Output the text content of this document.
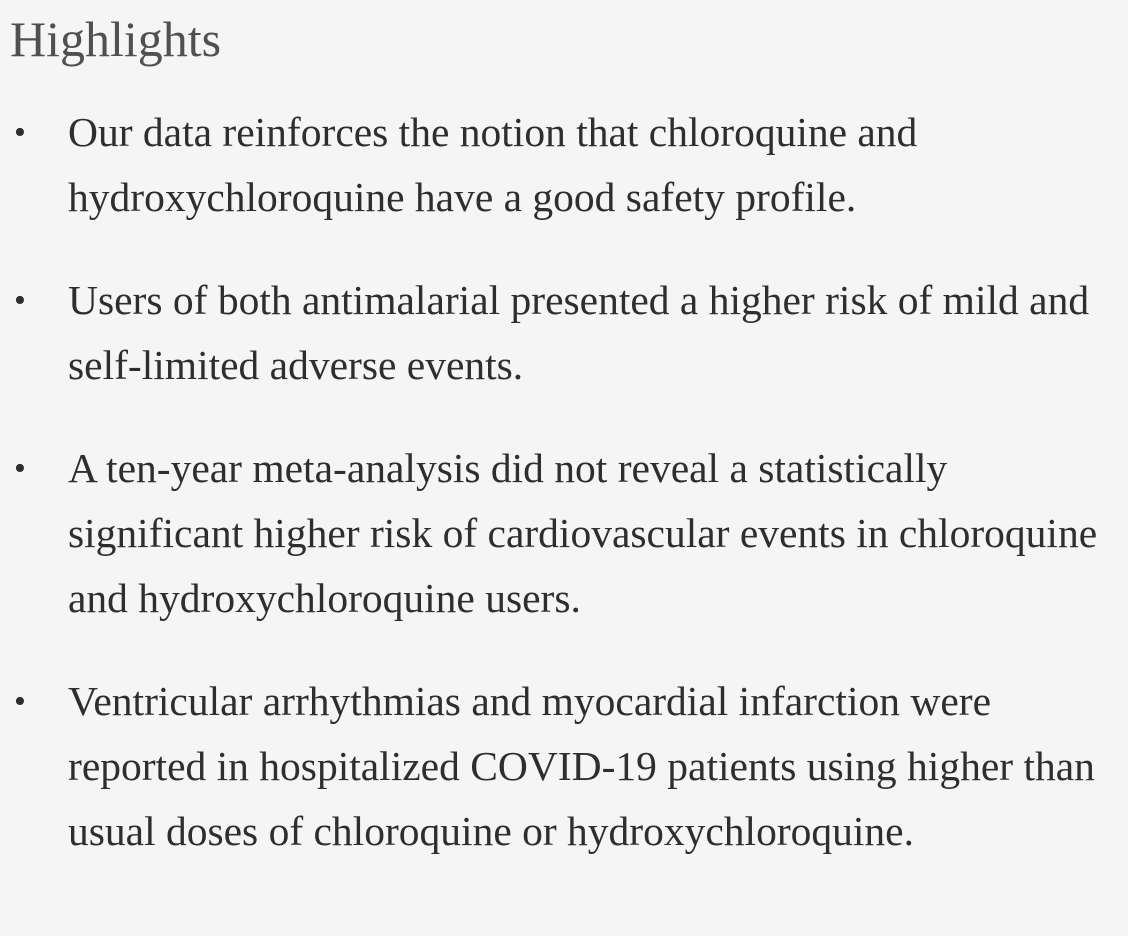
Highlights
• Our data reinforces the notion that chloroquine and hydroxychloroquine have a good safety profile.
• Users of both antimalarial presented a higher risk of mild and self-limited adverse events.
• A ten-year meta-analysis did not reveal a statistically significant higher risk of cardiovascular events in chloroquine and hydroxychloroquine users.
• Ventricular arrhythmias and myocardial infarction were reported in hospitalized COVID-19 patients using higher than usual doses of chloroquine or hydroxychloroquine.
